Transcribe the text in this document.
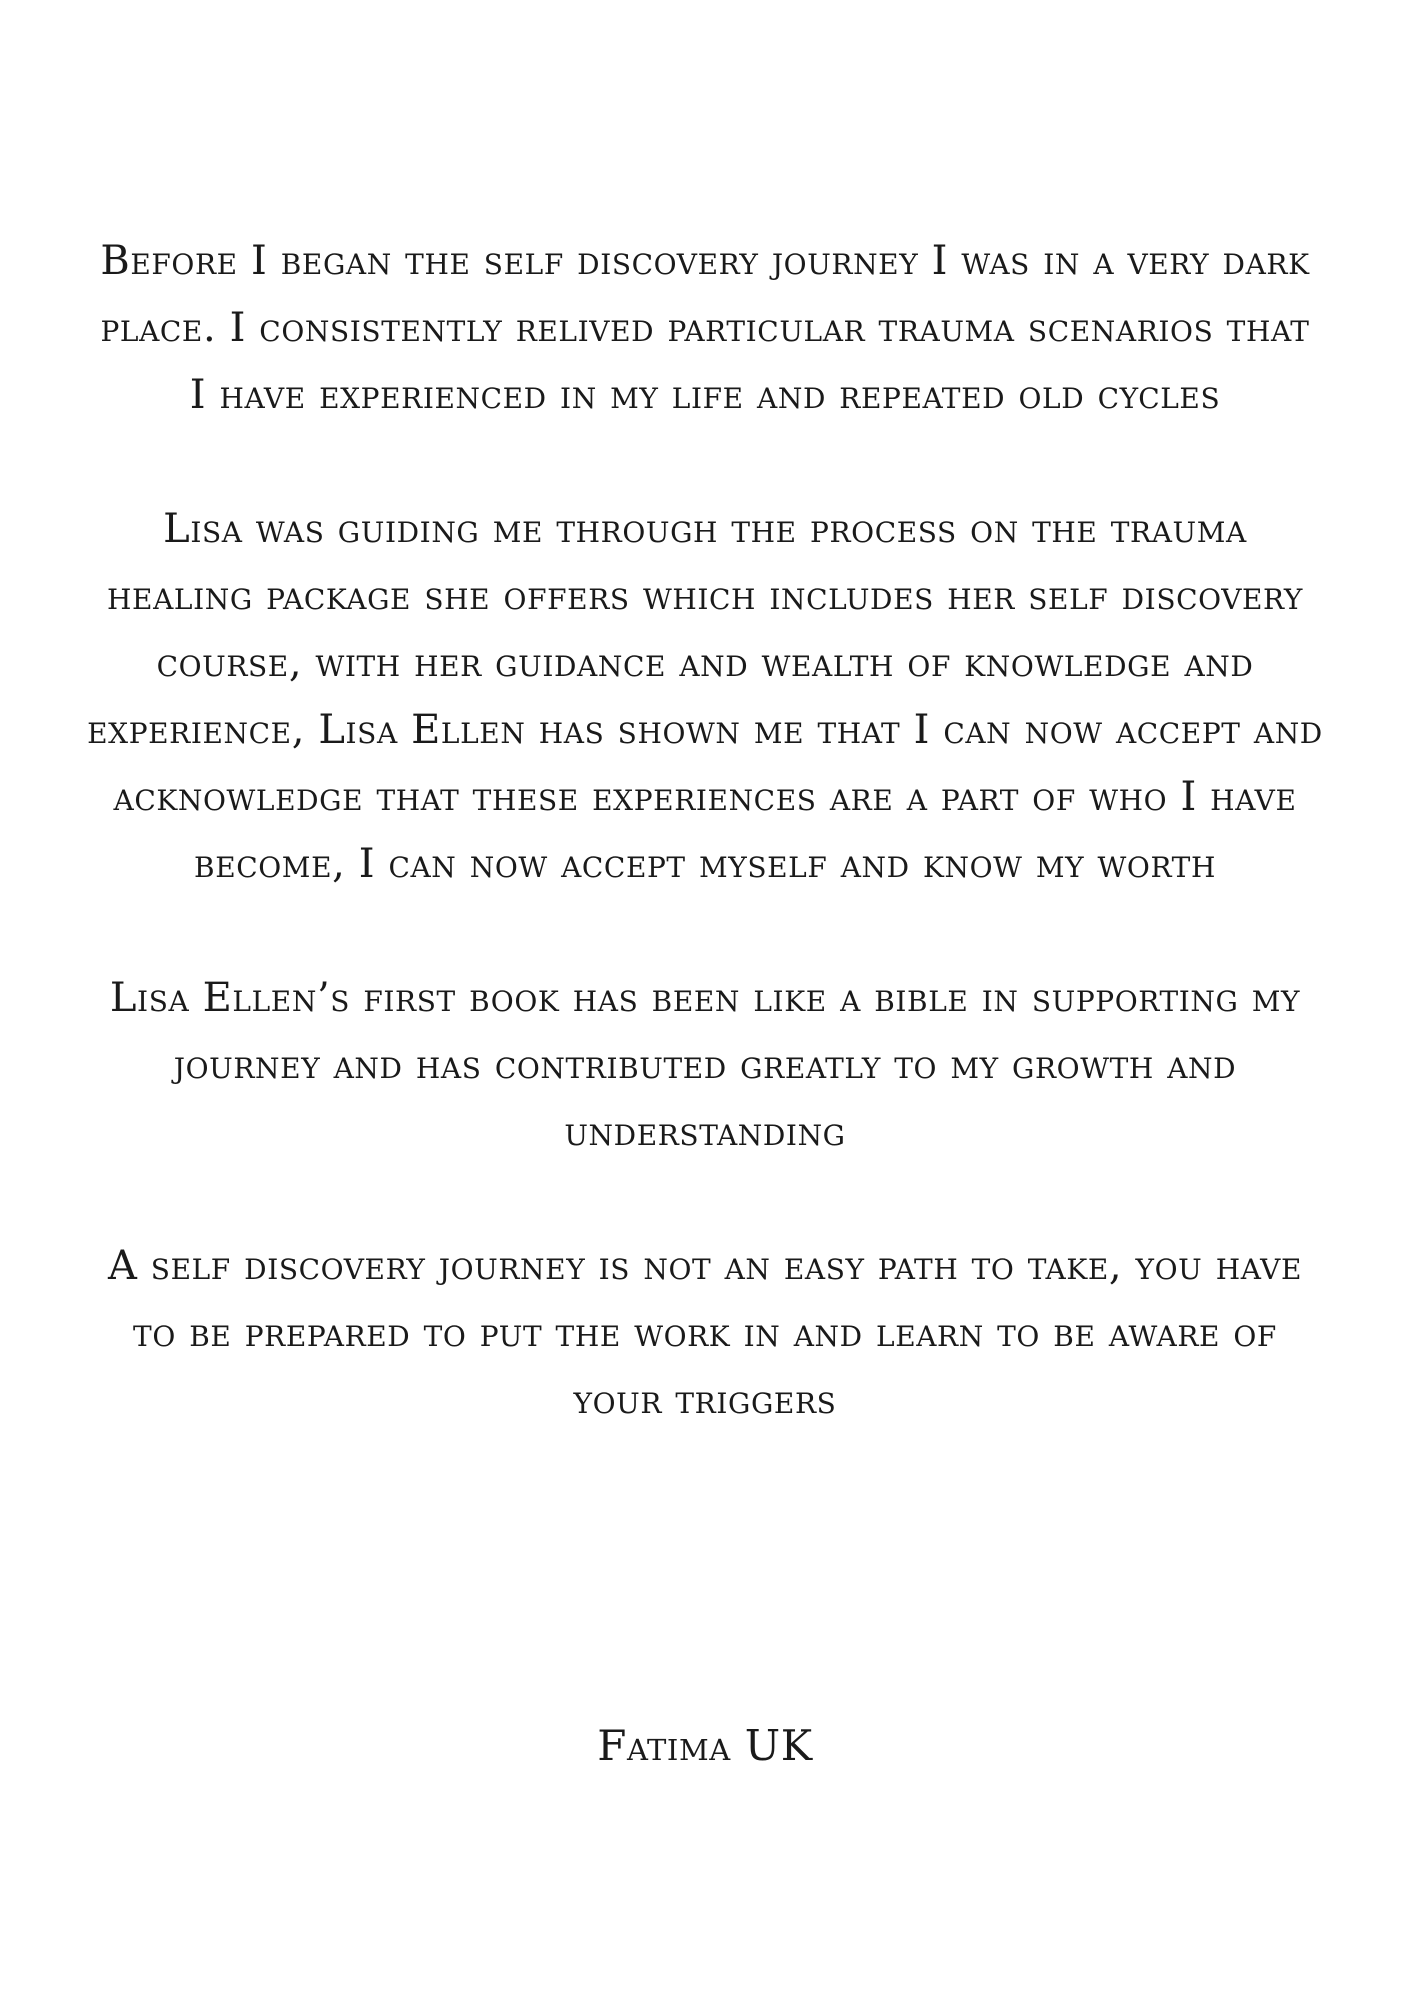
Before I began the self discovery journey I was in a very dark
place. I consistently relived particular trauma scenarios that
I have experienced in my life and repeated old cycles

Lisa was guiding me through the process on the trauma
healing package she offers which includes her self discovery
course, with her guidance and wealth of knowledge and
experience, Lisa Ellen has shown me that I can now accept and
acknowledge that these experiences are a part of who I have
become, I can now accept myself and know my worth

Lisa Ellen’s first book has been like a bible in supporting my
journey and has contributed greatly to my growth and
understanding

A self discovery journey is not an easy path to take, you have
to be prepared to put the work in and learn to be aware of
your triggers

Fatima UK
